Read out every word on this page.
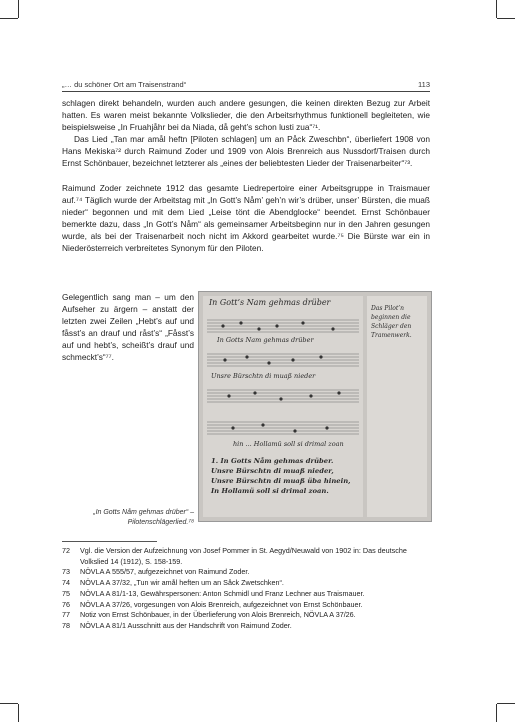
„… du schöner Ort am Traisenstrand“	113

schlagen direkt behandeln, wurden auch andere gesungen, die keinen direkten Bezug zur Arbeit hatten. Es waren meist bekannte Volkslieder, die den Arbeitsrhythmus funktionell begleiteten, wie beispielsweise „In Fruahjåhr bei da Niada, då geht’s schon lusti zua“⁷¹.

Das Lied „Tan mar amål heftn [Piloten schlagen] um an Påck Zweschbn“, überliefert 1908 von Hans Mekiska⁷² durch Raimund Zoder und 1909 von Alois Brenreich aus Nussdorf/Traisen durch Ernst Schönbauer, bezeichnet letzterer als „eines der beliebtesten Lieder der Traisenarbeiter“⁷³.

Raimund Zoder zeichnete 1912 das gesamte Liedrepertoire einer Arbeitsgruppe in Traismauer auf.⁷⁴ Täglich wurde der Arbeitstag mit „In Gott’s Nåm’ geh’n wir’s drüber, unser’ Bürsten, die muaß nieder“ begonnen und mit dem Lied „Leise tönt die Abendglocke“ beendet. Ernst Schönbauer bemerkte dazu, dass „In Gott’s Nåm“ als gemeinsamer Arbeitsbeginn nur in den Jahren gesungen wurde, als bei der Traisenarbeit noch nicht im Akkord gearbeitet wurde.⁷⁵ Die Bürste war ein in Niederösterreich verbreitetes Synonym für den Piloten.

Gelegentlich sang man – um den Aufseher zu ärgern – anstatt der letzten zwei Zeilen „Hebt’s auf und fåsst’s an drauf und råst’s“ „Fåsst’s auf und hebt’s, scheißt’s drauf und schmeckt’s“⁷⁷.
In Gott’s Nam gehmas drüber
In Gotts Nam gehmas drüber
Unsre Bürschtn di muaß nieder
hin ... Hollamü soll si drimal zoan
1. In Gotts Nåm gehmas drüber.
Unsre Bürschtn di muaß nieder,
Unsre Bürschtn di muaß üba hinein,
In Hollamü soll si drimal zoan.
Das Pilot’n beginnen die Schläger den Tramenwerk.
„In Gotts Nåm gehmas drüber“ – Pilotenschlägerlied.⁷⁸
72	Vgl. die Version der Aufzeichnung von Josef Pommer in St. Aegyd/Neuwald von 1902 in: Das deutsche Volkslied 14 (1912), S. 158-159.
73	NÖVLA A 555/57, aufgezeichnet von Raimund Zoder.
74	NÖVLA A 37/32, „Tun wir amål heften um an Såck Zwetschken“.
75	NÖVLA A 81/1-13, Gewährspersonen: Anton Schmidl und Franz Lechner aus Traismauer.
76	NÖVLA A 37/26, vorgesungen von Alois Brenreich, aufgezeichnet von Ernst Schönbauer.
77	Notiz von Ernst Schönbauer, in der Überlieferung von Alois Brenreich, NÖVLA A 37/26.
78	NÖVLA A 81/1 Ausschnitt aus der Handschrift von Raimund Zoder.
